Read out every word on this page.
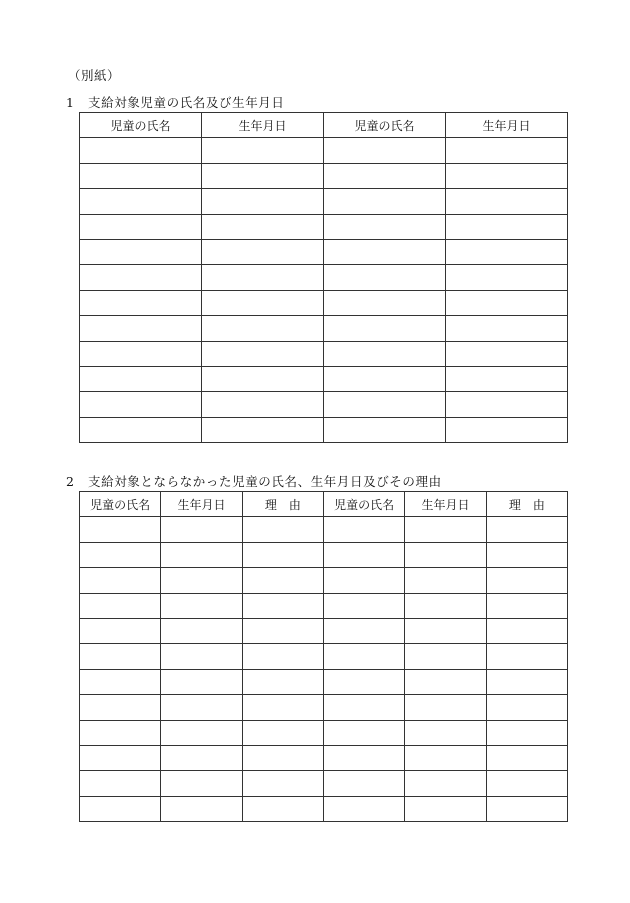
（別紙）
1 支給対象児童の氏名及び生年月日
児童の氏名	生年月日	児童の氏名	生年月日

2 支給対象とならなかった児童の氏名、生年月日及びその理由
児童の氏名	生年月日	理　由	児童の氏名	生年月日	理　由
